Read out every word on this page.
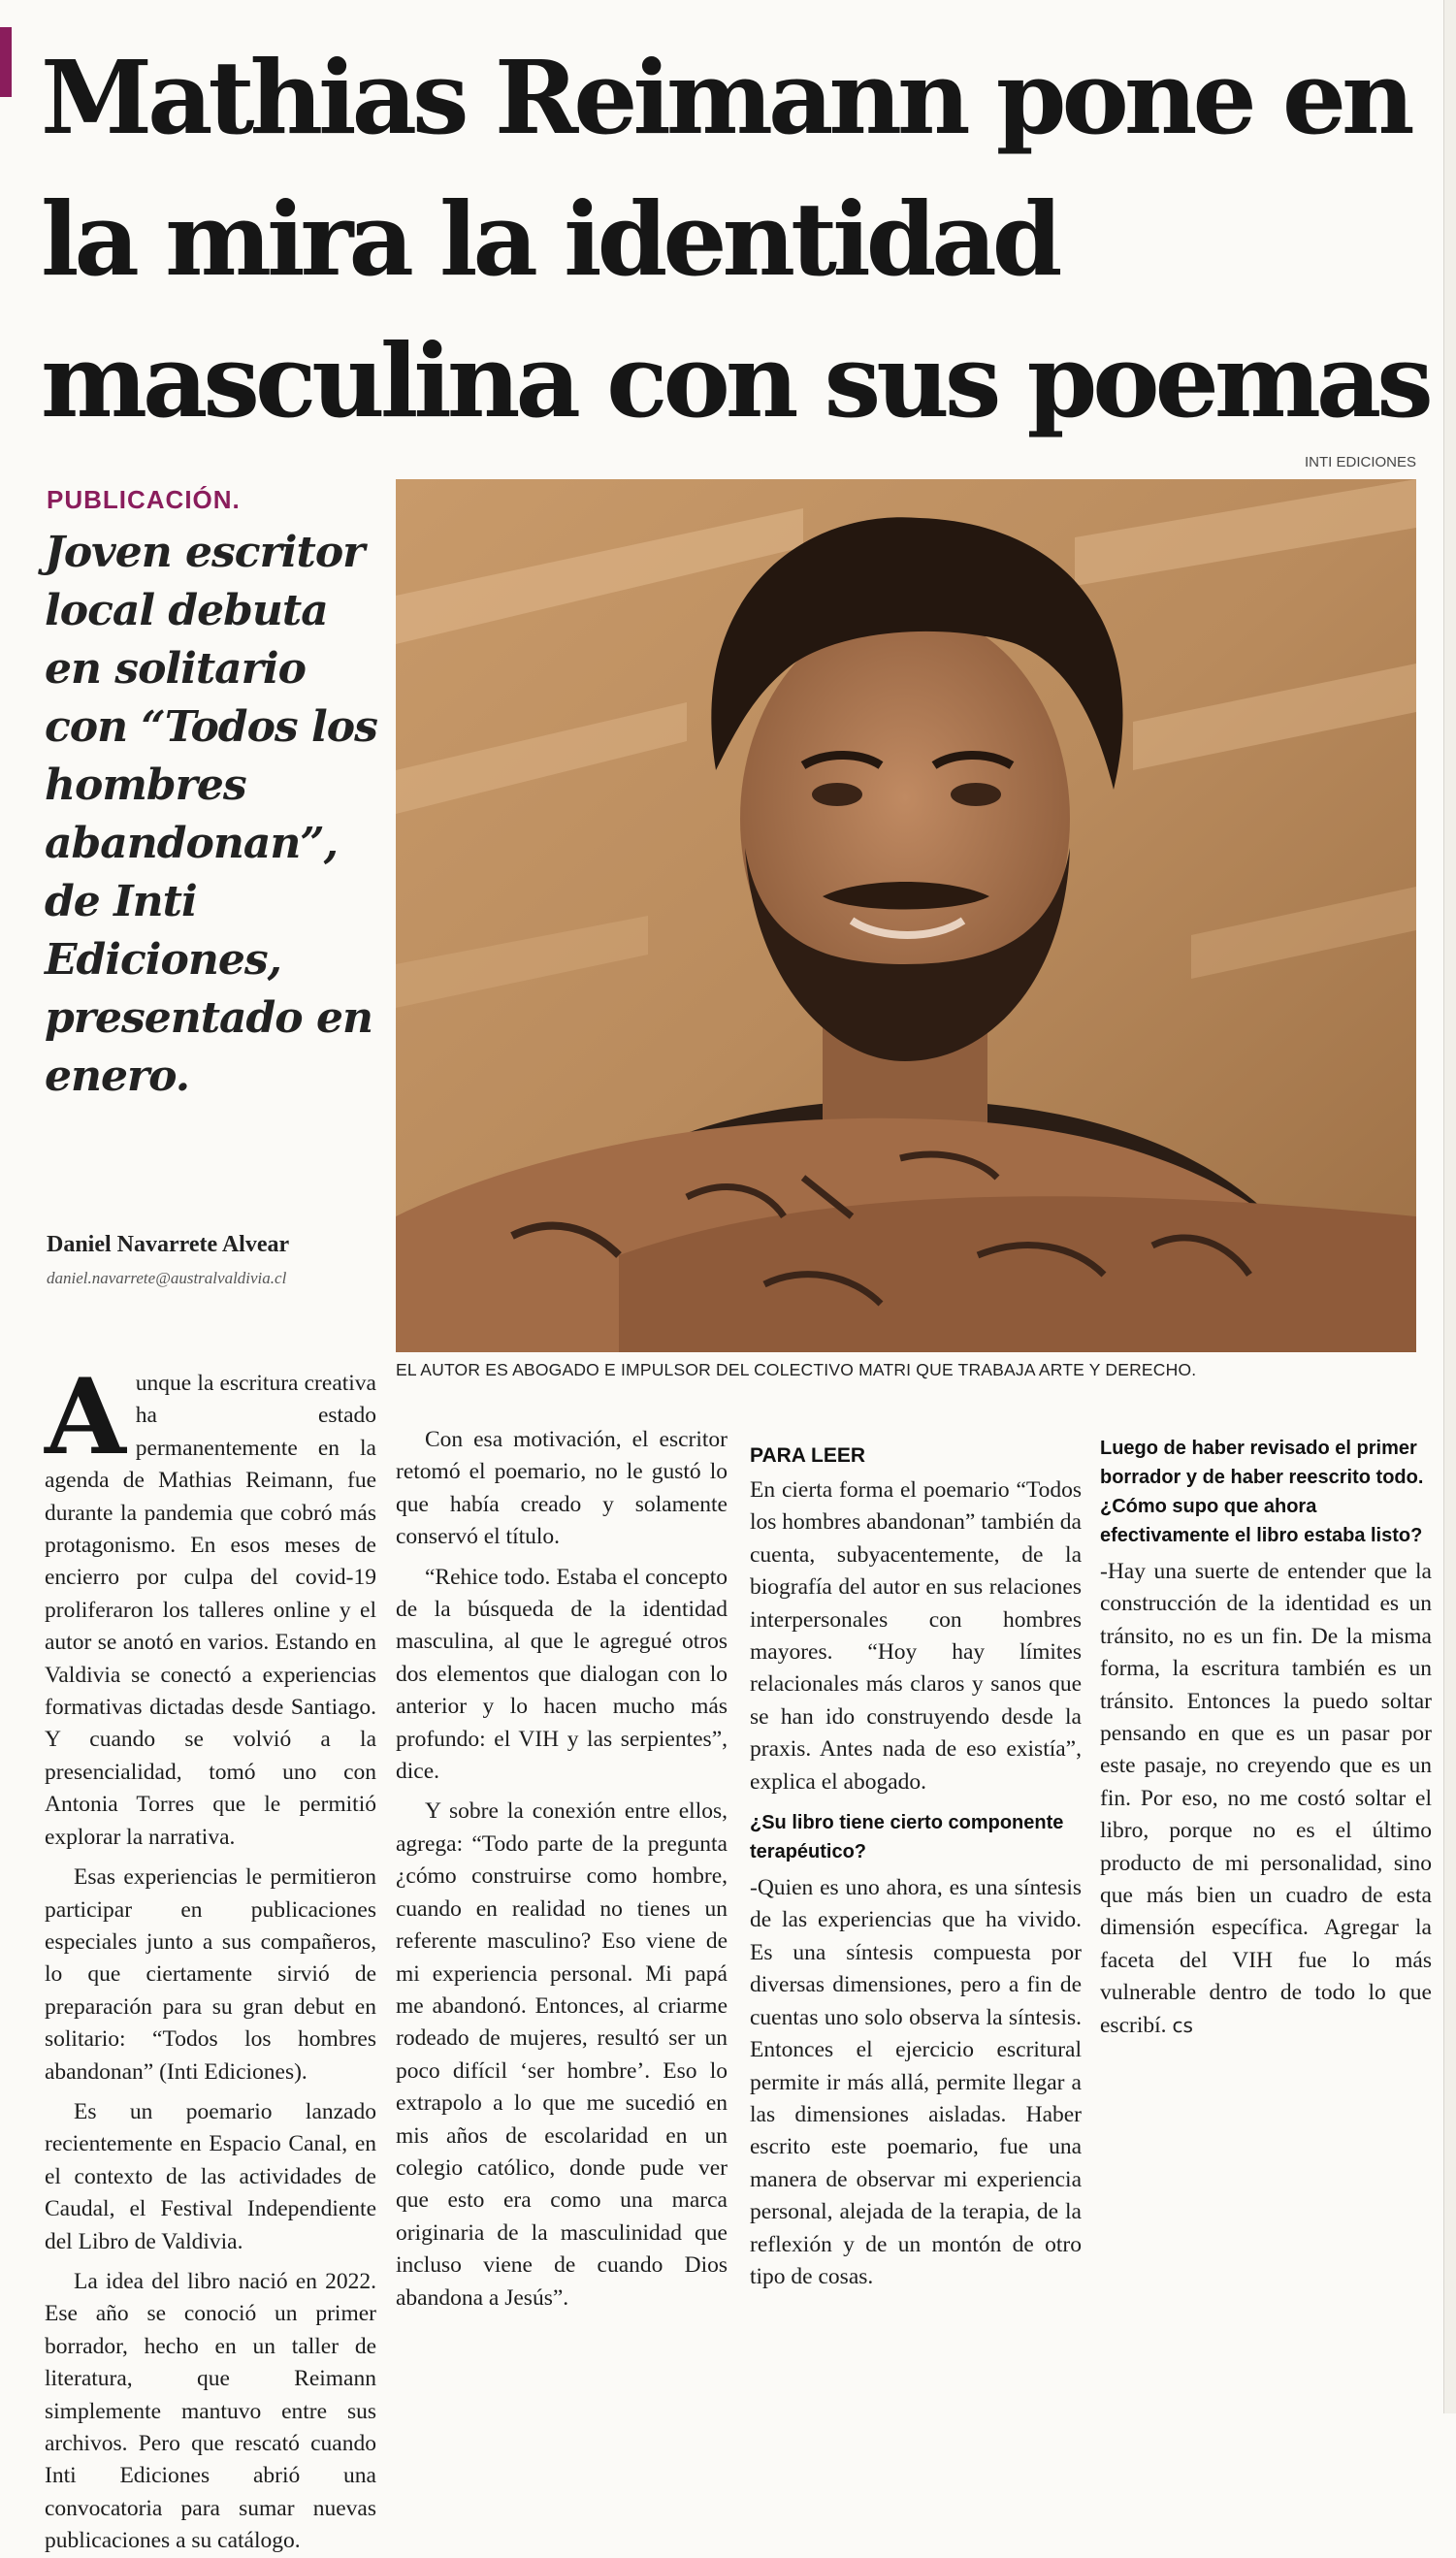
Mathias Reimann pone en la mira la identidad masculina con sus poemas
INTI EDICIONES
PUBLICACIÓN.

Joven escritor local debuta en solitario con “Todos los hombres abandonan”, de Inti Ediciones, presentado en enero.

Daniel Navarrete Alvear
daniel.navarrete@australvaldivia.cl
EL AUTOR ES ABOGADO E IMPULSOR DEL COLECTIVO MATRI QUE TRABAJA ARTE Y DERECHO.

Aunque la escritura creativa ha estado permanentemente en la agenda de Mathias Reimann, fue durante la pandemia que cobró más protagonismo. En esos meses de encierro por culpa del covid-19 proliferaron los talleres online y el autor se anotó en varios. Estando en Valdivia se conectó a experiencias formativas dictadas desde Santiago. Y cuando se volvió a la presencialidad, tomó uno con Antonia Torres que le permitió explorar la narrativa.

Esas experiencias le permitieron participar en publicaciones especiales junto a sus compañeros, lo que ciertamente sirvió de preparación para su gran debut en solitario: “Todos los hombres abandonan” (Inti Ediciones).

Es un poemario lanzado recientemente en Espacio Canal, en el contexto de las actividades de Caudal, el Festival Independiente del Libro de Valdivia.

La idea del libro nació en 2022. Ese año se conoció un primer borrador, hecho en un taller de literatura, que Reimann simplemente mantuvo entre sus archivos. Pero que rescató cuando Inti Ediciones abrió una convocatoria para sumar nuevas publicaciones a su catálogo.

Con esa motivación, el escritor retomó el poemario, no le gustó lo que había creado y solamente conservó el título.

“Rehice todo. Estaba el concepto de la búsqueda de la identidad masculina, al que le agregué otros dos elementos que dialogan con lo anterior y lo hacen mucho más profundo: el VIH y las serpientes”, dice.

Y sobre la conexión entre ellos, agrega: “Todo parte de la pregunta ¿cómo construirse como hombre, cuando en realidad no tienes un referente masculino? Eso viene de mi experiencia personal. Mi papá me abandonó. Entonces, al criarme rodeado de mujeres, resultó ser un poco difícil ‘ser hombre’. Eso lo extrapolo a lo que me sucedió en mis años de escolaridad en un colegio católico, donde pude ver que esto era como una marca originaria de la masculinidad que incluso viene de cuando Dios abandona a Jesús”.

PARA LEER

En cierta forma el poemario “Todos los hombres abandonan” también da cuenta, subyacentemente, de la biografía del autor en sus relaciones interpersonales con hombres mayores. “Hoy hay límites relacionales más claros y sanos que se han ido construyendo desde la praxis. Antes nada de eso existía”, explica el abogado.

¿Su libro tiene cierto componente terapéutico?

-Quien es uno ahora, es una síntesis de las experiencias que ha vivido. Es una síntesis compuesta por diversas dimensiones, pero a fin de cuentas uno solo observa la síntesis. Entonces el ejercicio escritural permite ir más allá, permite llegar a las dimensiones aisladas. Haber escrito este poemario, fue una manera de observar mi experiencia personal, alejada de la terapia, de la reflexión y de un montón de otro tipo de cosas.

Luego de haber revisado el primer borrador y de haber reescrito todo. ¿Cómo supo que ahora efectivamente el libro estaba listo?

-Hay una suerte de entender que la construcción de la identidad es un tránsito, no es un fin. De la misma forma, la escritura también es un tránsito. Entonces la puedo soltar pensando en que es un pasar por este pasaje, no creyendo que es un fin. Por eso, no me costó soltar el libro, porque no es el último producto de mi personalidad, sino que más bien un cuadro de esta dimensión específica. Agregar la faceta del VIH fue lo más vulnerable dentro de todo lo que escribí. cs
